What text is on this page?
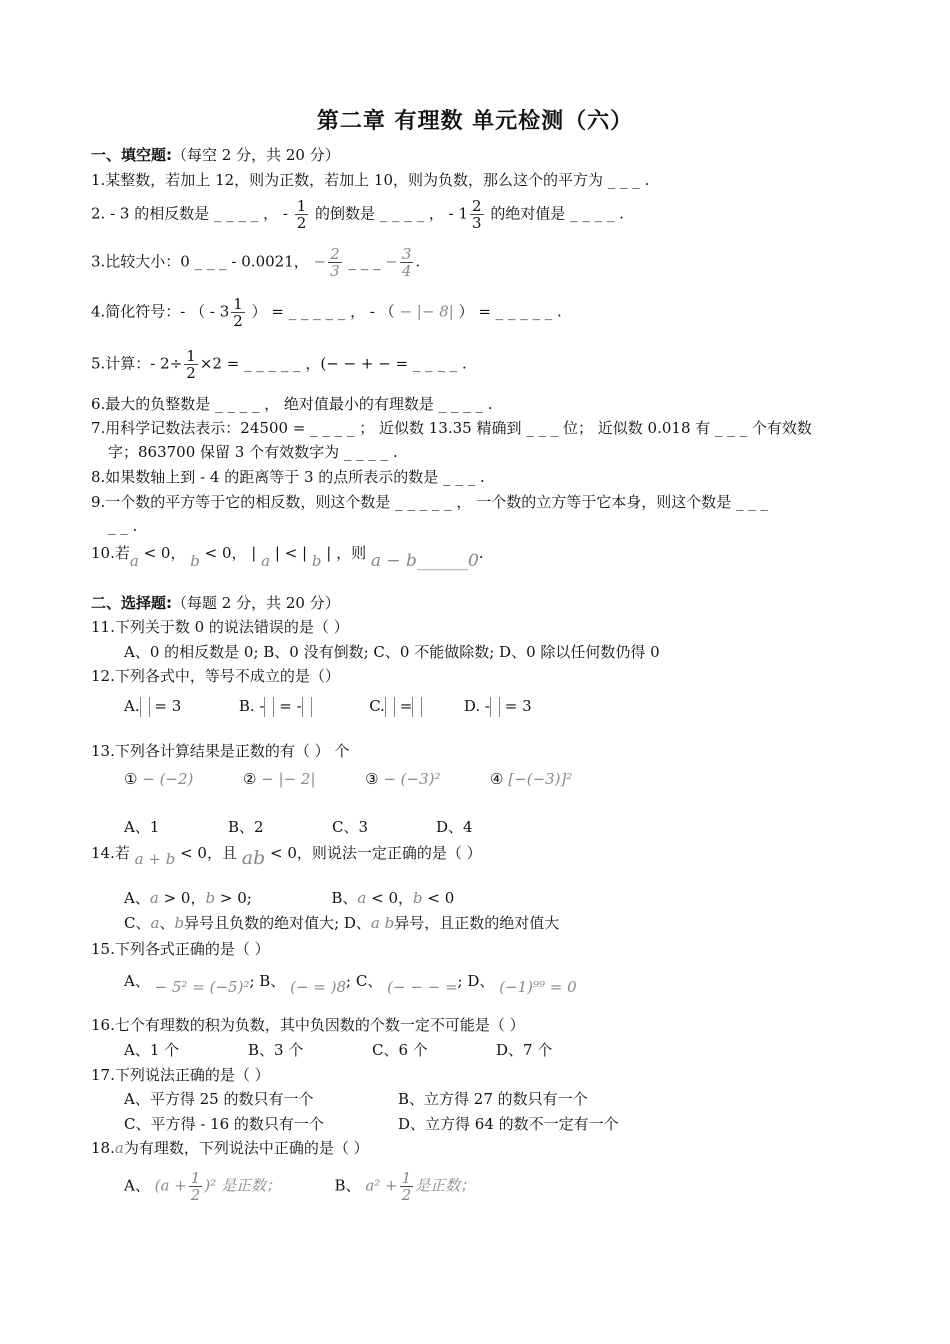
第二章 有理数 单元检测（六）
一、填空题:（每空 2 分，共 20 分）
1.某整数，若加上 12，则为正数，若加上 10，则为负数，那么这个的平方为 _ _ _ .
2. - 3 的相反数是 _ _ _ _ ， - $\frac{1}{2}$ 的倒数是 _ _ _ _ ， - $1 \frac{2}{3}$ 的绝对值是 _ _ _ _ .
3.比较大小：0 _ _ _ - 0.0021， − $\frac{2}{3}$ _ _ _ − $\frac{3}{4}$ .
4.简化符号：- （ - $3 \frac{1}{2}$ ） = _ _ _ _ _ ， - （ − |− 8| ） = _ _ _ _ _ .
5.计算：- $2\div \frac{1}{2} \times 2$ = _ _ _ _ _ ，(− − + − = _ _ _ _ .
6.最大的负整数是 _ _ _ _ ， 绝对值最小的有理数是 _ _ _ _ .
7.用科学记数法表示：24500 = _ _ _ _ ； 近似数 13.35 精确到 _ _ _ 位； 近似数 0.018 有 _ _ _ 个有效数
字；863700 保留 3 个有效数字为 _ _ _ _ .
8.如果数轴上到 - 4 的距离等于 3 的点所表示的数是 _ _ _ .
9.一个数的平方等于它的相反数，则这个数是 _ _ _ _ _ ， 一个数的立方等于它本身，则这个数是 _ _ _
_ _ .
10.若a < 0， b < 0， | a | < | b | ，则 a − b______0.
二、选择题:（每题 2 分，共 20 分）
11.下列关于数 0 的说法错误的是（ ）
A、0 的相反数是 0; B、0 没有倒数; C、0 不能做除数; D、0 除以任何数仍得 0
12.下列各式中，等号不成立的是（）
A. = 3	B. - = -	C. =	D. - = 3
13.下列各计算结果是正数的有（ ） 个
① − (−2)	② − |− 2|	③ − (−3)²	④ [−(−3)]²
A、1	B、2	C、3	D、4
14.若 a + b < 0，且 ab < 0，则说法一定正确的是（ ）
A、a > 0，b > 0;	B、a < 0，b < 0
C、a、b异号且负数的绝对值大; D、a b异号，且正数的绝对值大
15.下列各式正确的是（ ）
A、 − 5² = (−5)²; B、 (− = )8; C、 (− − − =; D、 (−1)⁹⁹ = 0
16.七个有理数的积为负数，其中负因数的个数一定不可能是（ ）
A、1 个	B、3 个	C、6 个	D、7 个
17.下列说法正确的是（ ）
A、平方得 25 的数只有一个	B、立方得 27 的数只有一个
C、平方得 - 16 的数只有一个	D、立方得 64 的数不一定有一个
18.a为有理数，下列说法中正确的是（ ）
A、 $(a + \frac{1}{2} )^2$ 是正数；	B、 $a^2 + \frac{1}{2}$ 是正数；
